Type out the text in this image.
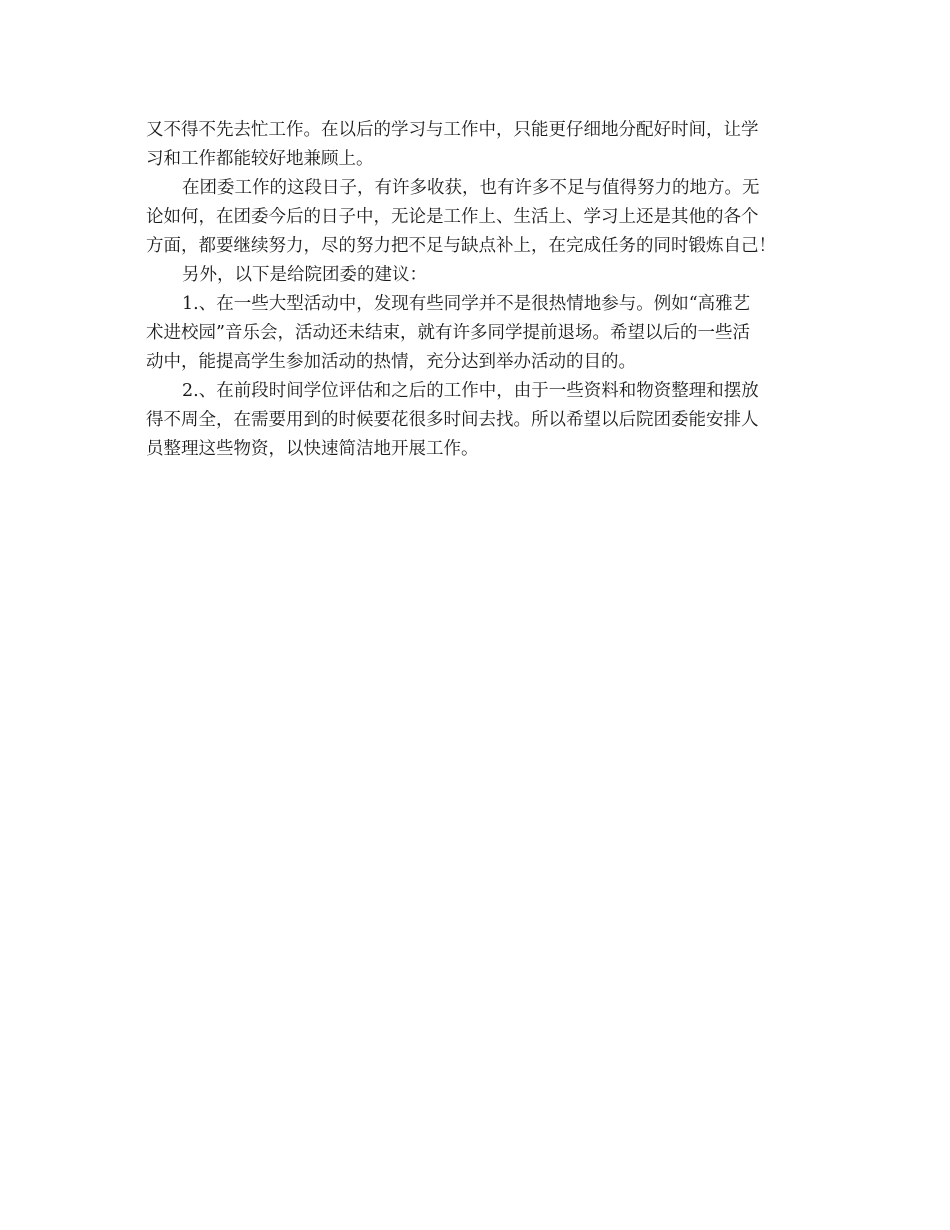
又不得不先去忙工作。在以后的学习与工作中，只能更仔细地分配好时间，让学
习和工作都能较好地兼顾上。
在团委工作的这段日子，有许多收获，也有许多不足与值得努力的地方。无
论如何，在团委今后的日子中，无论是工作上、生活上、学习上还是其他的各个
方面，都要继续努力，尽的努力把不足与缺点补上，在完成任务的同时锻炼自己！
另外，以下是给院团委的建议：
1.、在一些大型活动中，发现有些同学并不是很热情地参与。例如“高雅艺
术进校园”音乐会，活动还未结束，就有许多同学提前退场。希望以后的一些活
动中，能提高学生参加活动的热情，充分达到举办活动的目的。
2.、在前段时间学位评估和之后的工作中，由于一些资料和物资整理和摆放
得不周全，在需要用到的时候要花很多时间去找。所以希望以后院团委能安排人
员整理这些物资，以快速简洁地开展工作。
